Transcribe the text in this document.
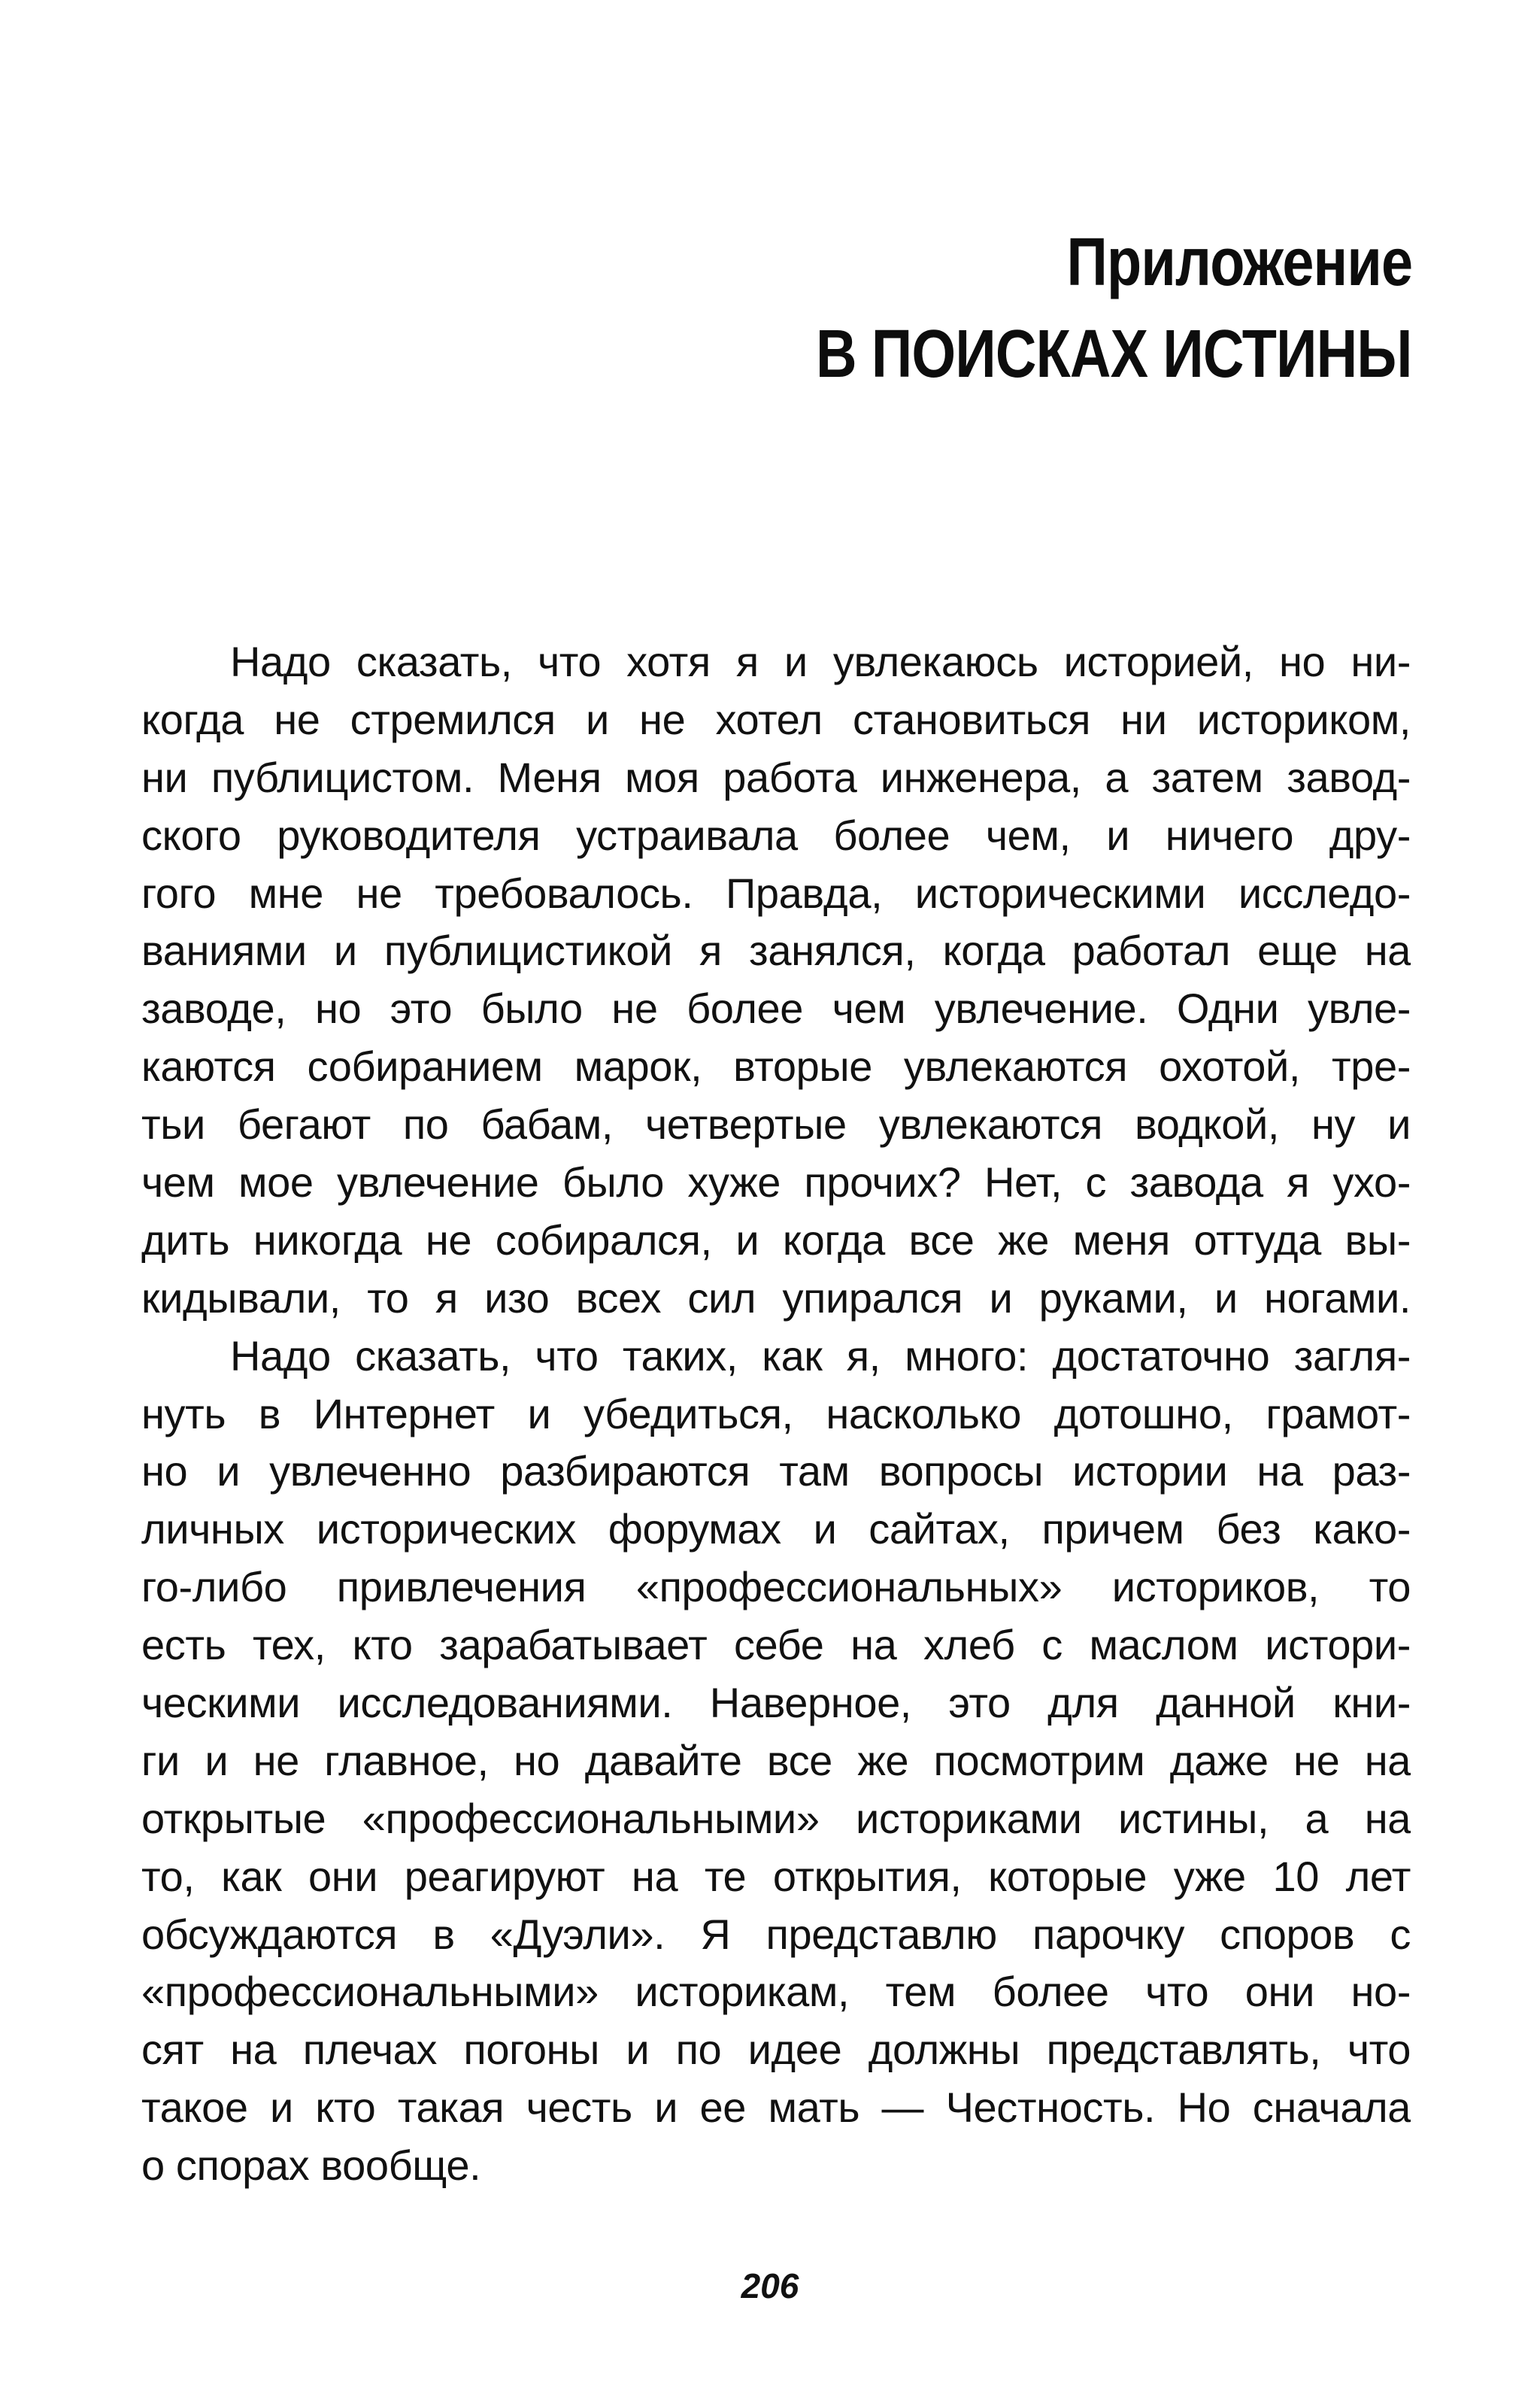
Приложение
В ПОИСКАХ ИСТИНЫ
Надо сказать, что хотя я и увлекаюсь историей, но ни-
когда не стремился и не хотел становиться ни историком,
ни публицистом. Меня моя работа инженера, а затем завод-
ского руководителя устраивала более чем, и ничего дру-
гого мне не требовалось. Правда, историческими исследо-
ваниями и публицистикой я занялся, когда работал еще на
заводе, но это было не более чем увлечение. Одни увле-
каются собиранием марок, вторые увлекаются охотой, тре-
тьи бегают по бабам, четвертые увлекаются водкой, ну и
чем мое увлечение было хуже прочих? Нет, с завода я ухо-
дить никогда не собирался, и когда все же меня оттуда вы-
кидывали, то я изо всех сил упирался и руками, и ногами.
Надо сказать, что таких, как я, много: достаточно загля-
нуть в Интернет и убедиться, насколько дотошно, грамот-
но и увлеченно разбираются там вопросы истории на раз-
личных исторических форумах и сайтах, причем без како-
го-либо привлечения «профессиональных» историков, то
есть тех, кто зарабатывает себе на хлеб с маслом истори-
ческими исследованиями. Наверное, это для данной кни-
ги и не главное, но давайте все же посмотрим даже не на
открытые «профессиональными» историками истины, а на
то, как они реагируют на те открытия, которые уже 10 лет
обсуждаются в «Дуэли». Я представлю парочку споров с
«профессиональными» историкам, тем более что они но-
сят на плечах погоны и по идее должны представлять, что
такое и кто такая честь и ее мать — Честность. Но сначала
о спорах вообще.
206
